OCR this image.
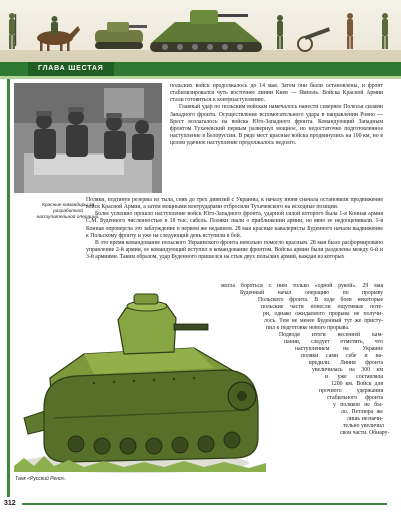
ГЛАВА ШЕСТАЯ
Красные командиры за разработкой наступательной операции.

польских войск продолжалось до 14 мая. Затем они были остановлены, и фронт стабилизировался чуть восточнее линии Киев — Ямполь. Войска Красной Армии стали готовиться к контрнаступлению.

Главный удар по польским войскам намечалось нанести севернее Полесья силами Западного фронта. Осуществление вспомогательного удара в направлении Ровно — Брест возлагалось на войска Юго-Западного фронта. Командующий Западным фронтом Тухачевский первым развернул мощное, но недостаточно подготовленное наступление в Белоруссии. В ряде мест красные войска продвинулись на 100 км, но в целом удачное наступление продолжалось недолго.

Поляки, подтянув резервы из тыла, сняв до трех дивизий с Украины, к началу июня сначала остановили продвижение войск Красной Армии, а затем мощными контрударами отбросили Тухачевского на исходные позиции.

Более успешно прошло наступление войск Юго-Западного фронта, ударной силой которого была 1-я Конная армия С.М. Буденного численностью в 18 тыс. сабель. Поляки знали о приближении армии, но явно ее недооценивали. 1-я Конная опровергла это заблуждение в первом же недавнем. 28 мая красные кавалеристы Буденного начали выдвижение к Польскому фронту и уже на следующий день вступили в бой.

В это время командование польского Украинского фронта невольно помогло красным. 28 мая было расформировано управление 2-й армии, ее командующий вступил в командование фронтом. Войска армии были разделены между 6-й и 3-й армиями. Таким образом, удар Буденного пришелся на стык двух польских армий, каждая из которых

могла бороться с ним только «одной рукой». 29 мая
Буденный начал операцию по прорыву
Польского фронта. В ходе боев некоторые
польские части понесли ощутимые поте-
ри, однако ожидаемого прорыва не получи-
лось. Тем не менее Буденный тут же присту-
пил к подготовке нового прорыва.
Подводя итоги весенней кам-
пании, следует отметить, что
наступлением на Украине
поляки сами себе и на-
вредили. Линия фронта
увеличилась на 300 км
и уже составляла
1200 км. Войск для
прочного удержания
стабильного фронта
у поляков не бы-
ло. Петлюра же
лишь незначи-
тельно увеличил
свои части. Обнару-
Танк «Русский Рено».
312
